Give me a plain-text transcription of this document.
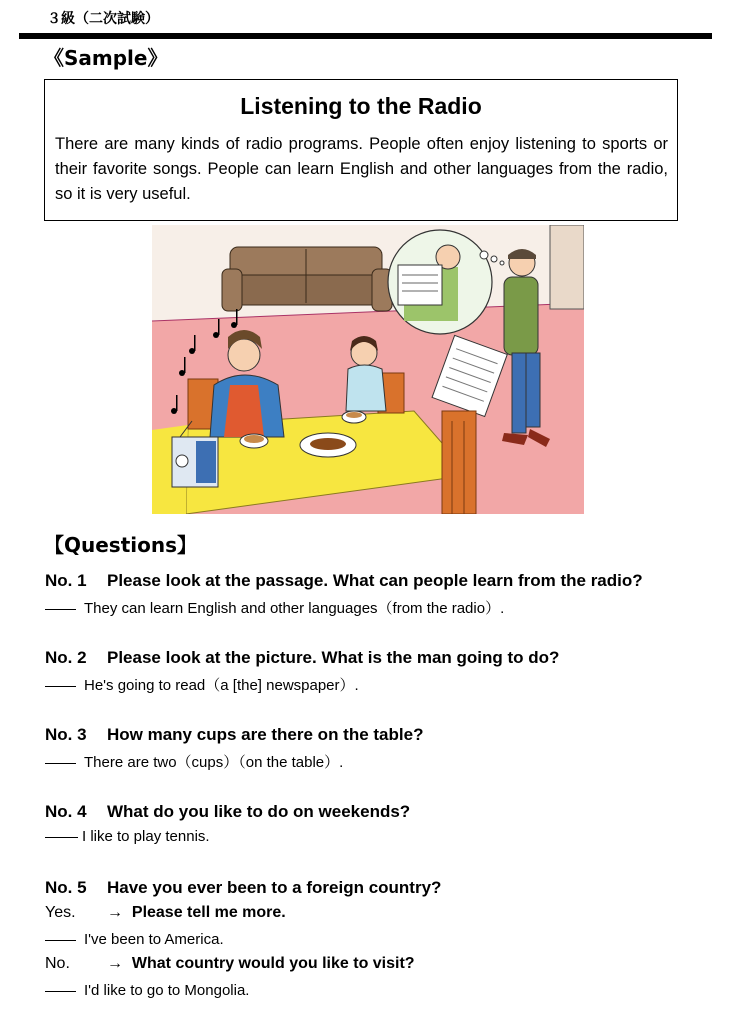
３級（二次試験）
《Sample》
Listening to the Radio
There are many kinds of radio programs. People often enjoy listening to sports or their favorite songs. People can learn English and other languages from the radio, so it is very useful.
【Questions】
No. 1 Please look at the passage. What can people learn from the radio?
They can learn English and other languages（from the radio）.
No. 2 Please look at the picture. What is the man going to do?
He's going to read（a [the] newspaper）.
No. 3 How many cups are there on the table?
There are two（cups）（on the table）.
No. 4 What do you like to do on weekends?
I like to play tennis.
No. 5 Have you ever been to a foreign country?
Yes. → Please tell me more.
I've been to America.
No. → What country would you like to visit?
I'd like to go to Mongolia.
